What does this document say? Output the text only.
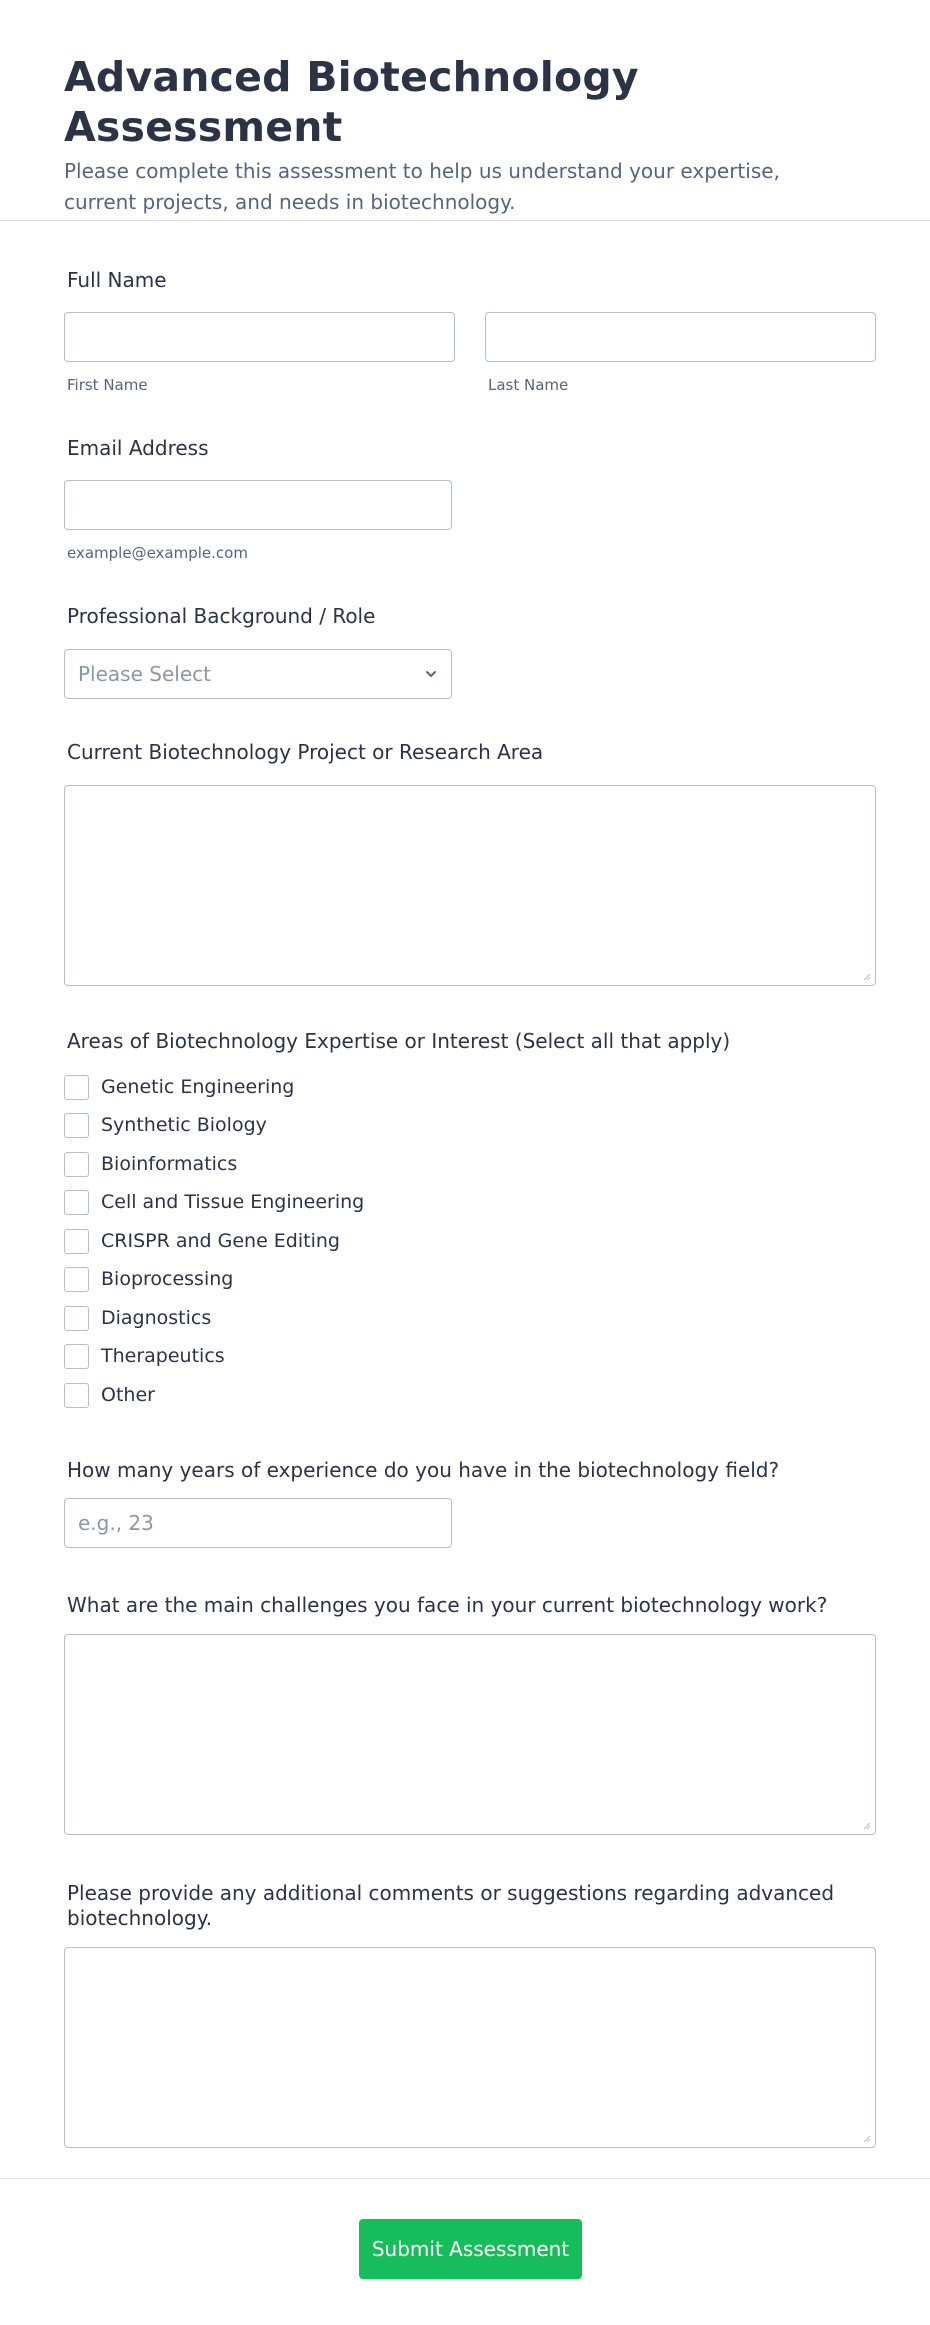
Advanced Biotechnology Assessment
Please complete this assessment to help us understand your expertise, current projects, and needs in biotechnology.
Full Name
First Name	Last Name
Email Address
example@example.com
Professional Background / Role
Please Select
Current Biotechnology Project or Research Area
Areas of Biotechnology Expertise or Interest (Select all that apply)
Genetic Engineering
Synthetic Biology
Bioinformatics
Cell and Tissue Engineering
CRISPR and Gene Editing
Bioprocessing
Diagnostics
Therapeutics
Other
How many years of experience do you have in the biotechnology field?
e.g., 23
What are the main challenges you face in your current biotechnology work?
Please provide any additional comments or suggestions regarding advanced biotechnology.
Submit Assessment
